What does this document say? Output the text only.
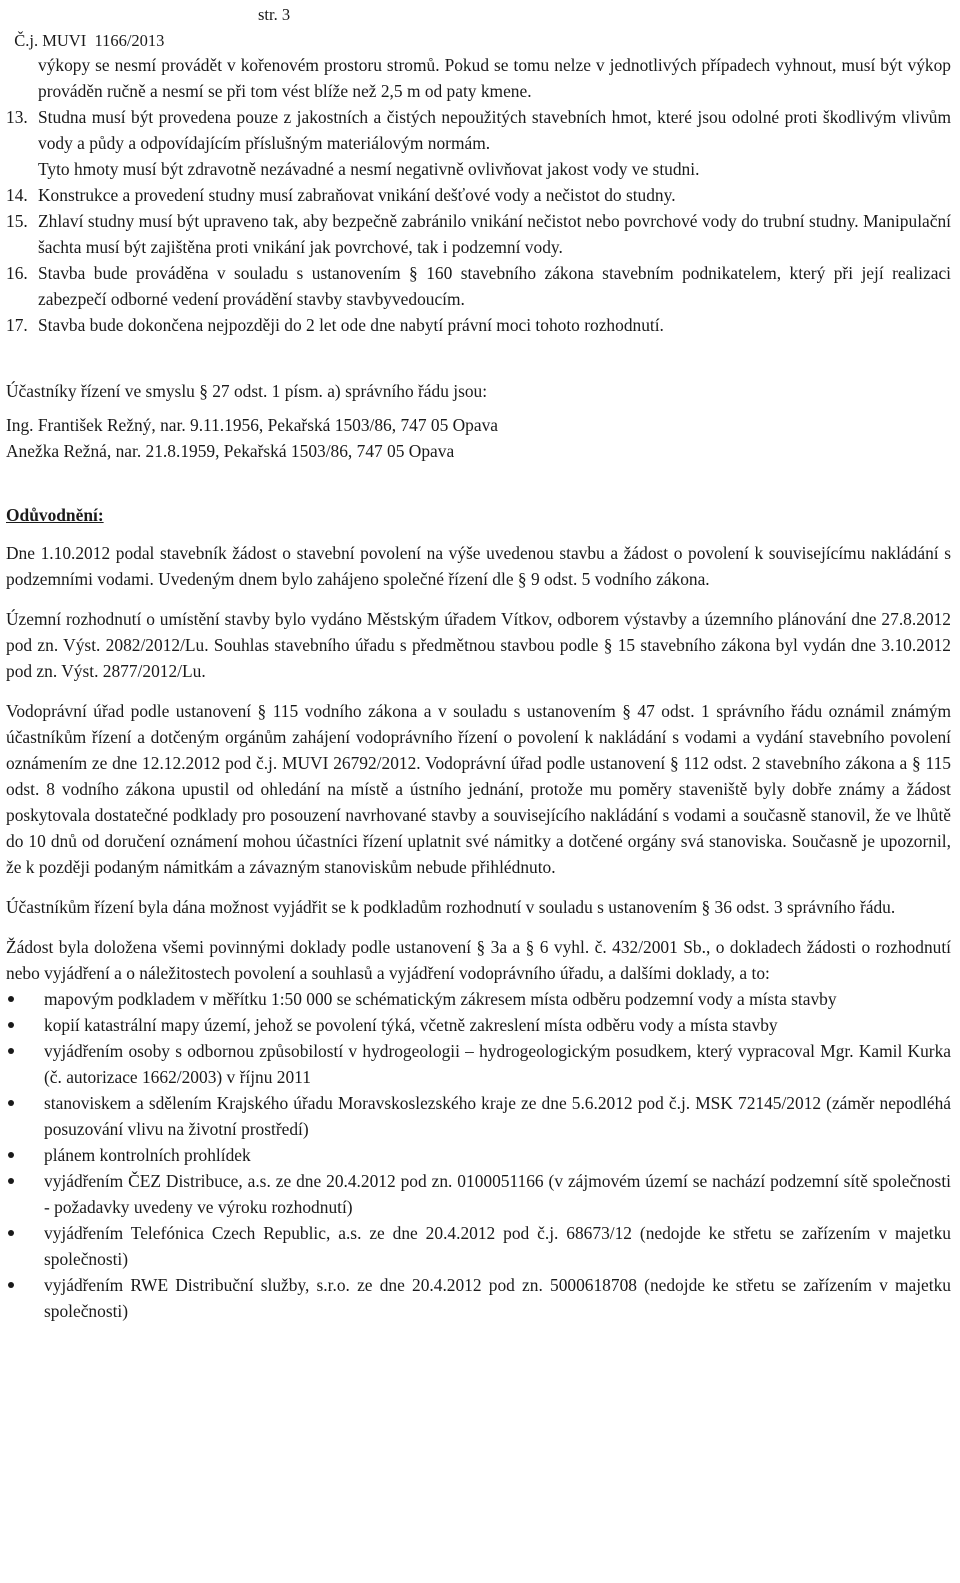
Č.j. MUVI  1166/2013

str. 3

výkopy se nesmí provádět v kořenovém prostoru stromů. Pokud se tomu nelze v jednotlivých případech vyhnout, musí být výkop prováděn ručně a nesmí se při tom vést blíže než 2,5 m od paty kmene.

13. Studna musí být provedena pouze z jakostních a čistých nepoužitých stavebních hmot, které jsou odolné proti škodlivým vlivům vody a půdy a odpovídajícím příslušným materiálovým normám.
Tyto hmoty musí být zdravotně nezávadné a nesmí negativně ovlivňovat jakost vody ve studni.
14. Konstrukce a provedení studny musí zabraňovat vnikání dešťové vody a nečistot do studny.
15. Zhlaví studny musí být upraveno tak, aby bezpečně zabránilo vnikání nečistot nebo povrchové vody do trubní studny. Manipulační šachta musí být zajištěna proti vnikání jak povrchové, tak i podzemní vody.
16. Stavba bude prováděna v souladu s ustanovením § 160 stavebního zákona stavebním podnikatelem, který při její realizaci zabezpečí odborné vedení provádění stavby stavbyvedoucím.
17. Stavba bude dokončena nejpozději do 2 let ode dne nabytí právní moci tohoto rozhodnutí.

Účastníky řízení ve smyslu § 27 odst. 1 písm. a) správního řádu jsou:

Ing. František Režný, nar. 9.11.1956, Pekařská 1503/86, 747 05 Opava

Anežka Režná, nar. 21.8.1959, Pekařská 1503/86, 747 05 Opava

Odůvodnění:

Dne 1.10.2012 podal stavebník žádost o stavební povolení na výše uvedenou stavbu a žádost o povolení k souvisejícímu nakládání s podzemními vodami. Uvedeným dnem bylo zahájeno společné řízení dle § 9 odst. 5 vodního zákona.

Územní rozhodnutí o umístění stavby bylo vydáno Městským úřadem Vítkov, odborem výstavby a územního plánování dne 27.8.2012 pod zn. Výst. 2082/2012/Lu. Souhlas stavebního úřadu s předmětnou stavbou podle § 15 stavebního zákona byl vydán dne 3.10.2012 pod zn. Výst. 2877/2012/Lu.

Vodoprávní úřad podle ustanovení § 115 vodního zákona a v souladu s ustanovením § 47 odst. 1 správního řádu oznámil známým účastníkům řízení a dotčeným orgánům zahájení vodoprávního řízení o povolení k nakládání s vodami a vydání stavebního povolení oznámením ze dne 12.12.2012 pod č.j. MUVI 26792/2012. Vodoprávní úřad podle ustanovení § 112 odst. 2 stavebního zákona a § 115 odst. 8 vodního zákona upustil od ohledání na místě a ústního jednání, protože mu poměry staveniště byly dobře známy a žádost poskytovala dostatečné podklady pro posouzení navrhované stavby a souvisejícího nakládání s vodami a současně stanovil, že ve lhůtě do 10 dnů od doručení oznámení mohou účastníci řízení uplatnit své námitky a dotčené orgány svá stanoviska. Současně je upozornil, že k později podaným námitkám a závazným stanoviskům nebude přihlédnuto.

Účastníkům řízení byla dána možnost vyjádřit se k podkladům rozhodnutí v souladu s ustanovením § 36 odst. 3 správního řádu.

Žádost byla doložena všemi povinnými doklady podle ustanovení § 3a a § 6 vyhl. č. 432/2001 Sb., o dokladech žádosti o rozhodnutí nebo vyjádření a o náležitostech povolení a souhlasů a vyjádření vodoprávního úřadu, a dalšími doklady, a to:

mapovým podkladem v měřítku 1:50 000 se schématickým zákresem místa odběru podzemní vody a místa stavby
kopií katastrální mapy území, jehož se povolení týká, včetně zakreslení místa odběru vody a místa stavby
vyjádřením osoby s odbornou způsobilostí v hydrogeologii – hydrogeologickým posudkem, který vypracoval Mgr. Kamil Kurka (č. autorizace 1662/2003) v říjnu 2011
stanoviskem a sdělením Krajského úřadu Moravskoslezského kraje ze dne 5.6.2012 pod č.j. MSK 72145/2012 (záměr nepodléhá posuzování vlivu na životní prostředí)
plánem kontrolních prohlídek
vyjádřením ČEZ Distribuce, a.s. ze dne 20.4.2012 pod zn. 0100051166 (v zájmovém území se nachází podzemní sítě společnosti - požadavky uvedeny ve výroku rozhodnutí)
vyjádřením Telefónica Czech Republic, a.s. ze dne 20.4.2012 pod č.j. 68673/12 (nedojde ke střetu se zařízením v majetku společnosti)
vyjádřením RWE Distribuční služby, s.r.o. ze dne 20.4.2012 pod zn. 5000618708 (nedojde ke střetu se zařízením v majetku společnosti)
